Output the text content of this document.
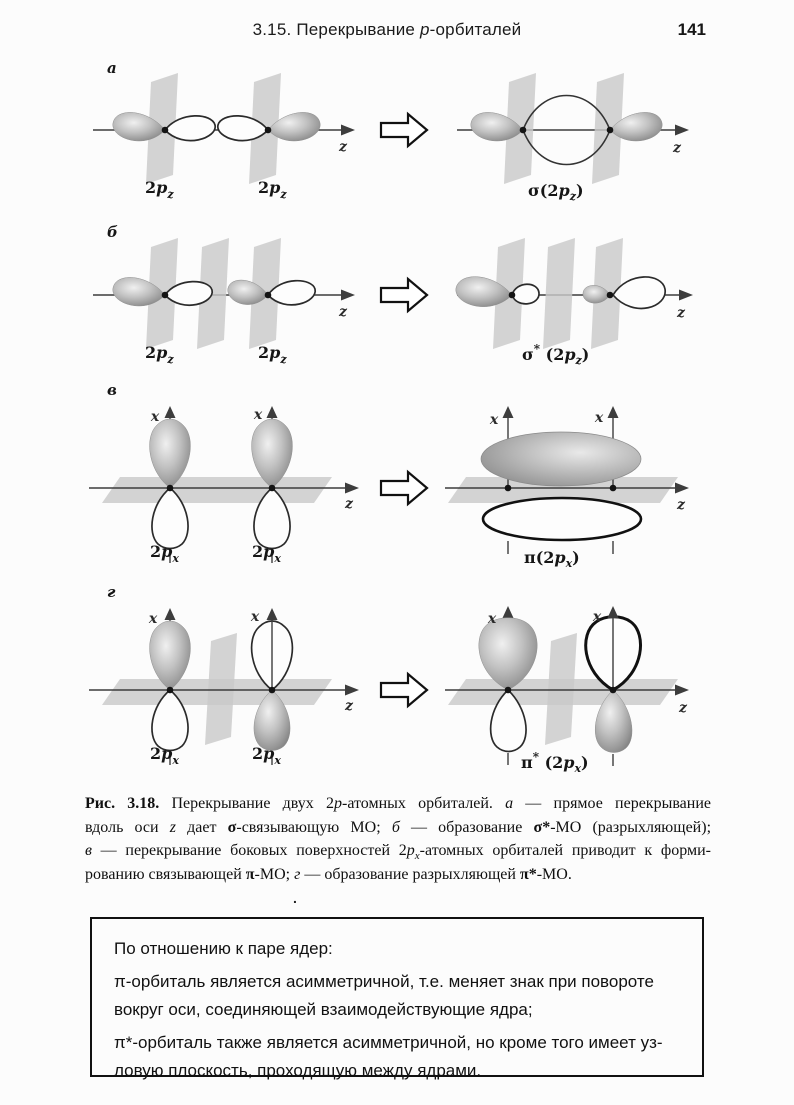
3.15. Перекрывание p-орбиталей	141
а
z
2pz	2pz
z
σ(2pz)
б
z
2pz	2pz
z
σ* (2pz)
в
x	x
z
2px	2px
x	x
z
π(2px)
г
x	x
z
2px	2px
x	x
z
π* (2px)
Рис. 3.18. Перекрывание двух 2p-атомных орбиталей. а — прямое перекрывание
вдоль оси z дает σ-связывающую МО; б — образование σ*-МО (разрыхляющей);
в — перекрывание боковых поверхностей $2p_x$-атомных орбиталей приводит к форми-
рованию связывающей π-МО; г — образование разрыхляющей π*-МО.
.

По отношению к паре ядер:

π-орбиталь является асимметричной, т.е. меняет знак при повороте
вокруг оси, соединяющей взаимодействующие ядра;

π*-орбиталь также является асимметричной, но кроме того имеет уз-
ловую плоскость, проходящую между ядрами.
